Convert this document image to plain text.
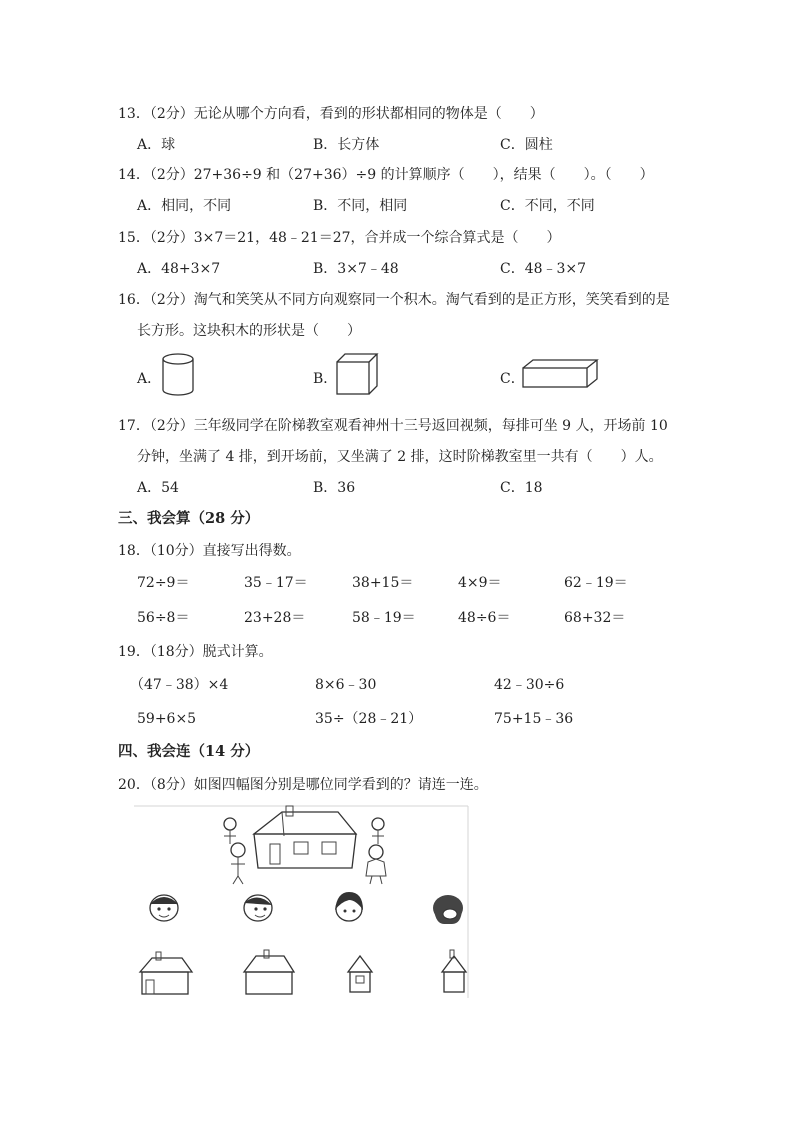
13．（2分）无论从哪个方向看，看到的形状都相同的物体是（　　）
A．球	B．长方体	C．圆柱
14．（2分）27+36÷9 和（27+36）÷9 的计算顺序（　　），结果（　　）。（　　）
A．相同，不同	B．不同，相同	C．不同，不同
15．（2分）3×7＝21，48﹣21＝27，合并成一个综合算式是（　　）
A．48+3×7	B．3×7﹣48	C．48﹣3×7
16．（2分）淘气和笑笑从不同方向观察同一个积木。淘气看到的是正方形，笑笑看到的是
长方形。这块积木的形状是（　　）
A．	B．	C．
17．（2分）三年级同学在阶梯教室观看神州十三号返回视频，每排可坐 9 人，开场前 10
分钟，坐满了 4 排，到开场前，又坐满了 2 排，这时阶梯教室里一共有（　　）人。
A．54	B．36	C．18
三、我会算（28 分）
18．（10分）直接写出得数。
72÷9＝	35﹣17＝	38+15＝	4×9＝	62﹣19＝
56÷8＝	23+28＝	58﹣19＝	48÷6＝	68+32＝
19．（18分）脱式计算。
（47﹣38）×4	8×6﹣30	42﹣30÷6
59+6×5	35÷（28﹣21）	75+15﹣36
四、我会连（14 分）
20．（8分）如图四幅图分别是哪位同学看到的？请连一连。
